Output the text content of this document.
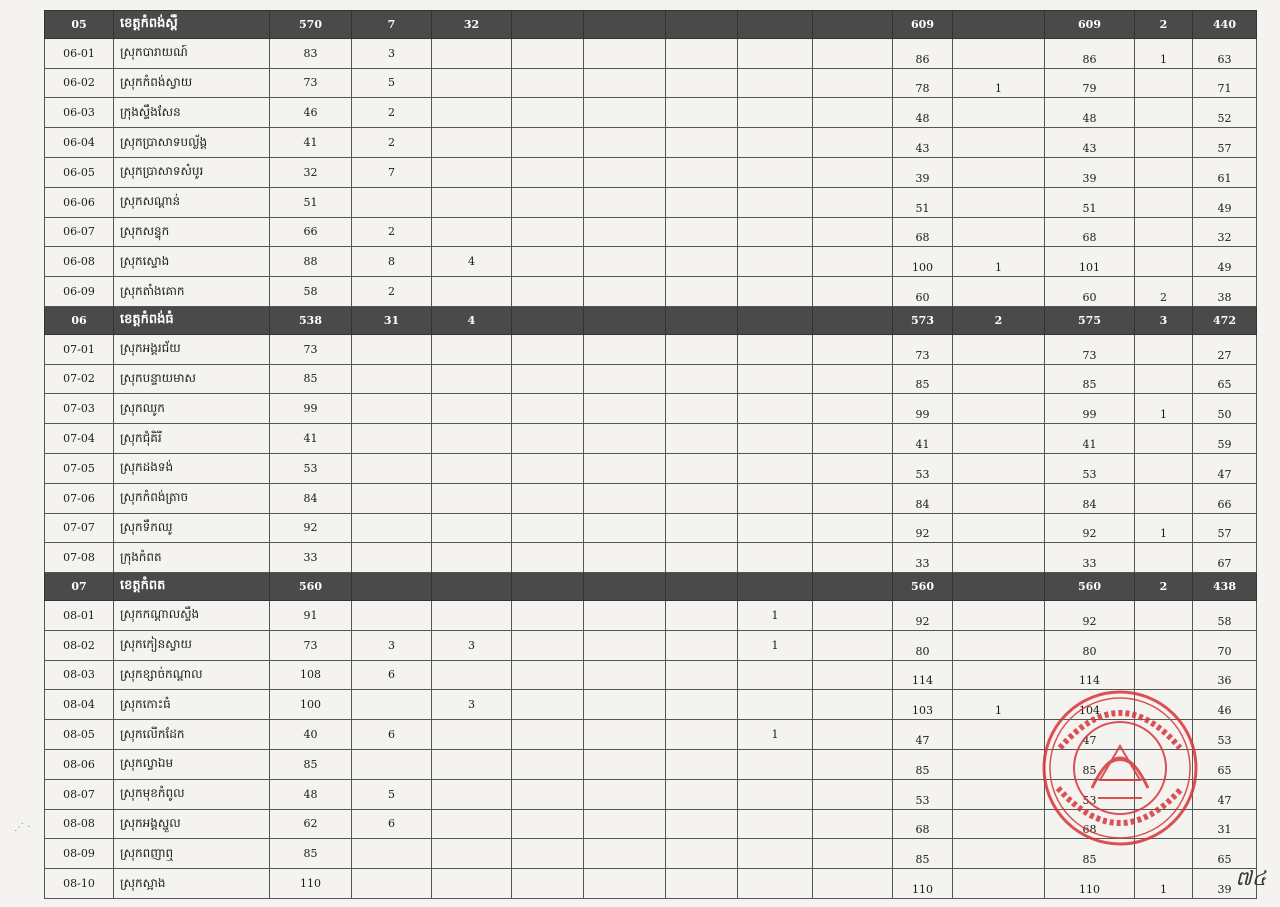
05	ខេត្តកំពង់ស្ពឺ	570	7	32						609		609	2	440	
06-01	ស្រុកបារាយណ៍	83	3							86		86	1	63	
06-02	ស្រុកកំពង់ស្វាយ	73	5							78	1	79		71	
06-03	ក្រុងស្ទឹងសែន	46	2							48		48		52	
06-04	ស្រុកប្រាសាទបល្ល័ង្គ	41	2							43		43		57	
06-05	ស្រុកប្រាសាទសំបូរ	32	7							39		39		61	
06-06	ស្រុកសណ្ដាន់	51								51		51		49	
06-07	ស្រុកសន្ទុក	66	2							68		68		32	
06-08	ស្រុកស្ទោង	88	8	4						100	1	101		49	
06-09	ស្រុកតាំងគោក	58	2							60		60	2	38	
06	ខេត្តកំពង់ធំ	538	31	4						573	2	575	3	472	
07-01	ស្រុកអង្គរជ័យ	73								73		73		27	
07-02	ស្រុកបន្ទាយមាស	85								85		85		65	
07-03	ស្រុកឈូក	99								99		99	1	50	
07-04	ស្រុកជុំគិរី	41								41		41		59	
07-05	ស្រុកដងទង់	53								53		53		47	
07-06	ស្រុកកំពង់ត្រាច	84								84		84		66	
07-07	ស្រុកទឹកឈូ	92								92		92	1	57	
07-08	ក្រុងកំពត	33								33		33		67	
07	ខេត្តកំពត	560								560		560	2	438	
08-01	ស្រុកកណ្ដាលស្ទឹង	91						1		92		92		58	
08-02	ស្រុកកៀនស្វាយ	73	3	3				1		80		80		70	
08-03	ស្រុកខ្សាច់កណ្ដាល	108	6							114		114		36	
08-04	ស្រុកកោះធំ	100		3						103	1	104		46	
08-05	ស្រុកលើកដែក	40	6					1		47		47		53	
08-06	ស្រុកល្វាឯម	85								85		85		65	
08-07	ស្រុកមុខកំពូល	48	5							53		53		47	
08-08	ស្រុកអង្គស្នួល	62	6							68		68		31	
08-09	ស្រុកពញាឮ	85								85		85		65	
08-10	ស្រុកស្អាង	110								110		110	1	39	
⋰ ·
៧៤
